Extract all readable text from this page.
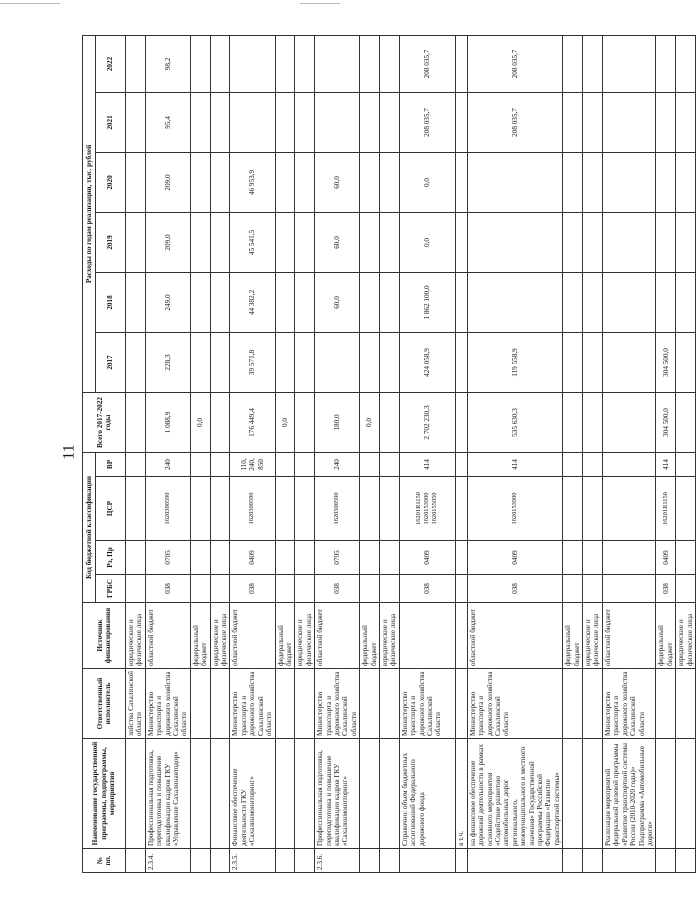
11
№ пп.	Наименование государственной программы, подпрограммы, мероприятия	Ответственный исполнитель	Источник финансирования	Код бюджетной классификации				Всего 2017-2022 годы	Расходы по годам реализации, тыс. рублей					
				ГРБС	Рз, Пр	ЦСР	ВР		2017	2018	2019	2020	2021	2022
		зийства Сахалинской области	юридические и физические лица											
2.3.4.	Профессиональная подготовка, переподготовка и повышение квалификации кадров ГКУ «Управление Сахалинавтодор»	Министерство транспорта и дорожного хозяйства Сахалинской области	областной бюджет	038	0705	1620300590	240	1 088,9	228,3	249,0	209,0	209,0	95,4	98,2
			федеральный бюджет					0,0						
			юридические и физические лица											
2.3.5.	Финансовое обеспечение деятельности ГКУ «Сахалинмониторинг»	Министерство транспорта и дорожного хозяйства Сахалинской области	областной бюджет	038	0409	1620300590	110, 240, 850	176 449,4	39 571,8	44 382,2	45 541,5	46 953,9		
			федеральный бюджет					0,0						
			юридические и физические лица											
2.3.6.	Профессиональная подготовка, переподготовка и повышение квалификации кадров ГКУ «Сахалинмониторинг»	Министерство транспорта и дорожного хозяйства Сахалинской области	областной бюджет	038	0705	1620300590	240	180,0		60,0	60,0	60,0		
			федеральный бюджет					0,0						
			юридические и физические лица											
	Справочно: объем бюджетных ассигнований Федерального дорожного фонда	Министерство транспорта и дорожного хозяйства Сахалинской области		038	0409	16201R1150 1620153900 1620155050	414	2 702 230,3	424 058,9	1 862 100,0	0,0	0,0	208 035,7	208 035,7
	в т.ч.													
	на финансовое обеспечение дорожной деятельности в рамках основного мероприятия «Содействие развитию автомобильных дорог регионального, межмуниципального и местного значения» Государственной программы Российской Федерации «Развитие транспортной системы»	Министерство транспорта и дорожного хозяйства Сахалинской области	областной бюджет	038	0409	1620153900	414	535 630,3	119 558,9				208 035,7	208 035,7
			федеральный бюджет											
			юридические и физические лица											
	Реализация мероприятий федеральной целевой программы «Развитие транспортной системы России (2010-2020 годы)» Подпрограмма «Автомобильные дороги»	Министерство транспорта и дорожного хозяйства Сахалинской области	областной бюджет											
			федеральный бюджет	038	0409	16201R1150	414	304 500,0	304 500,0					
			юридические и физические лица											
